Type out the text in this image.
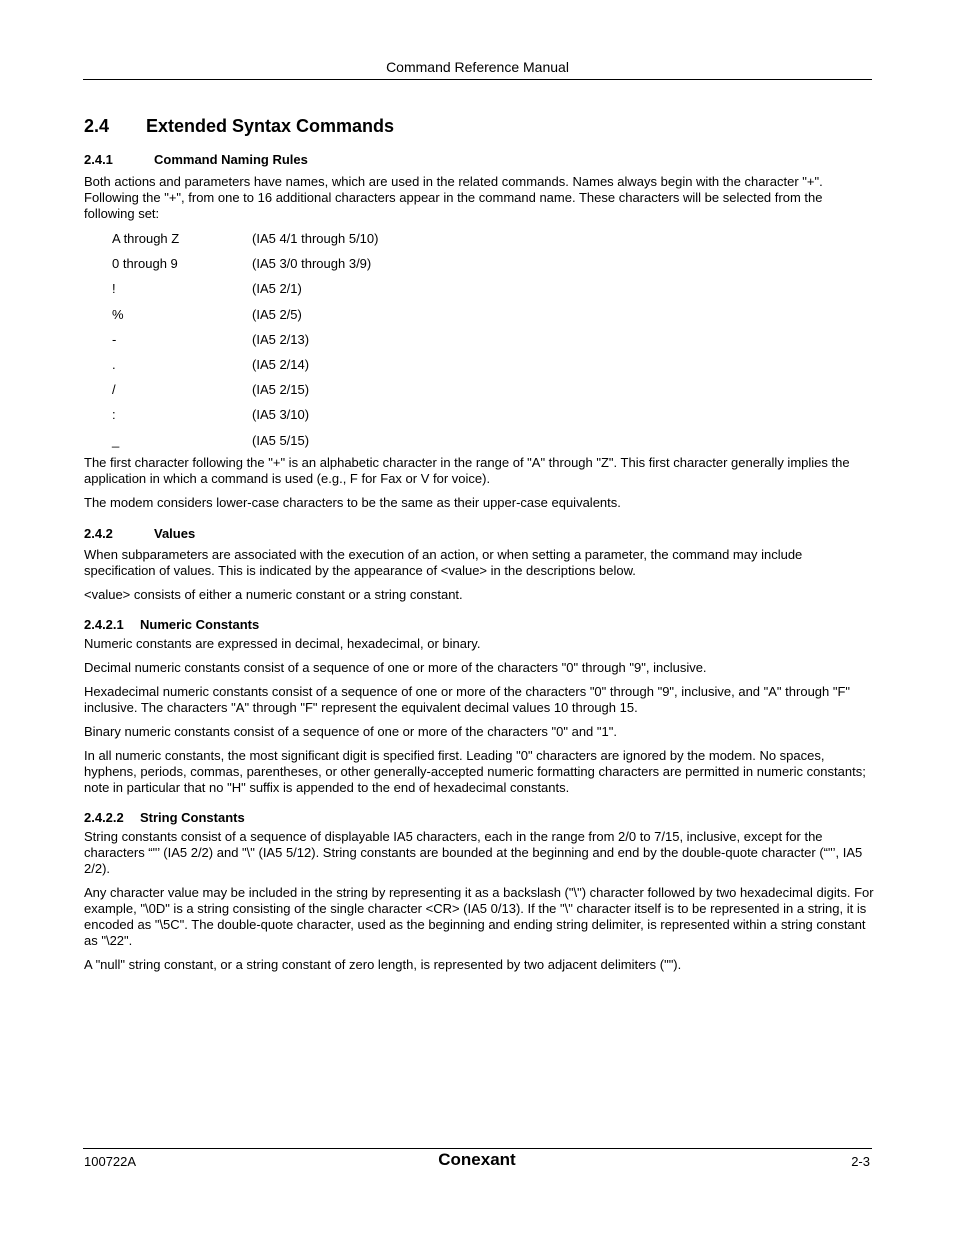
Command Reference Manual
2.4 Extended Syntax Commands
2.4.1	Command Naming Rules

Both actions and parameters have names, which are used in the related commands. Names always begin with the character "+". Following the "+", from one to 16 additional characters appear in the command name. These characters will be selected from the following set:

A through Z	(IA5 4/1 through 5/10)
0 through 9	(IA5 3/0 through 3/9)
!	(IA5 2/1)
%	(IA5 2/5)
-	(IA5 2/13)
.	(IA5 2/14)
/	(IA5 2/15)
:	(IA5 3/10)
_	(IA5 5/15)

The first character following the "+" is an alphabetic character in the range of "A" through "Z". This first character generally implies the application in which a command is used (e.g., F for Fax or V for voice).

The modem considers lower-case characters to be the same as their upper-case equivalents.

2.4.2	Values

When subparameters are associated with the execution of an action, or when setting a parameter, the command may include specification of values. This is indicated by the appearance of <value> in the descriptions below.

<value> consists of either a numeric constant or a string constant.

2.4.2.1 Numeric Constants

Numeric constants are expressed in decimal, hexadecimal, or binary.

Decimal numeric constants consist of a sequence of one or more of the characters "0" through "9", inclusive.

Hexadecimal numeric constants consist of a sequence of one or more of the characters "0" through "9", inclusive, and "A" through "F" inclusive. The characters "A" through "F" represent the equivalent decimal values 10 through 15.

Binary numeric constants consist of a sequence of one or more of the characters "0" and "1".

In all numeric constants, the most significant digit is specified first. Leading "0" characters are ignored by the modem. No spaces, hyphens, periods, commas, parentheses, or other generally-accepted numeric formatting characters are permitted in numeric constants; note in particular that no "H" suffix is appended to the end of hexadecimal constants.

2.4.2.2 String Constants

String constants consist of a sequence of displayable IA5 characters, each in the range from 2/0 to 7/15, inclusive, except for the characters “"’ (IA5 2/2) and "\" (IA5 5/12). String constants are bounded at the beginning and end by the double-quote character (“"’, IA5 2/2).

Any character value may be included in the string by representing it as a backslash ("\") character followed by two hexadecimal digits. For example, "\0D" is a string consisting of the single character <CR> (IA5 0/13). If the "\" character itself is to be represented in a string, it is encoded as "\5C". The double-quote character, used as the beginning and ending string delimiter, is represented within a string constant as "\22".

A "null" string constant, or a string constant of zero length, is represented by two adjacent delimiters ("").

100722A	Conexant	2-3
